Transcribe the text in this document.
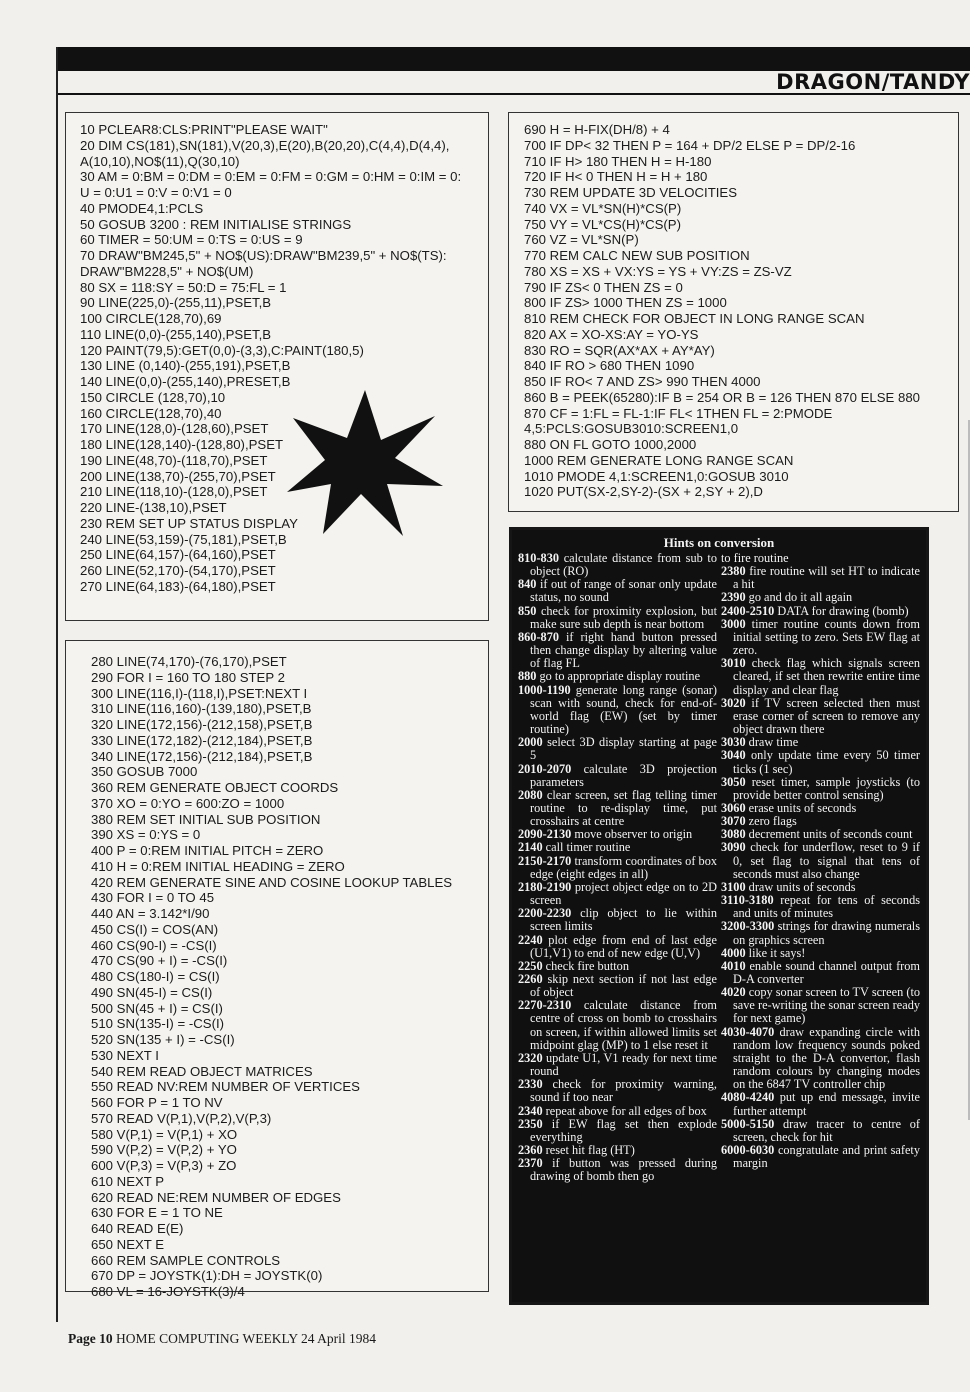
DRAGON/TANDY
10 PCLEAR8:CLS:PRINT"PLEASE WAIT"
20 DIM CS(181),SN(181),V(20,3),E(20),B(20,20),C(4,4),D(4,4),
A(10,10),NO$(11),Q(30,10)
30 AM = 0:BM = 0:DM = 0:EM = 0:FM = 0:GM = 0:HM = 0:IM = 0:
U = 0:U1 = 0:V = 0:V1 = 0
40 PMODE4,1:PCLS
50 GOSUB 3200 : REM INITIALISE STRINGS
60 TIMER = 50:UM = 0:TS = 0:US = 9
70 DRAW"BM245,5" + NO$(US):DRAW"BM239,5" + NO$(TS):
DRAW"BM228,5" + NO$(UM)
80 SX = 118:SY = 50:D = 75:FL = 1
90 LINE(225,0)-(255,11),PSET,B
100 CIRCLE(128,70),69
110 LINE(0,0)-(255,140),PSET,B
120 PAINT(79,5):GET(0,0)-(3,3),C:PAINT(180,5)
130 LINE (0,140)-(255,191),PSET,B
140 LINE(0,0)-(255,140),PRESET,B
150 CIRCLE (128,70),10
160 CIRCLE(128,70),40
170 LINE(128,0)-(128,60),PSET
180 LINE(128,140)-(128,80),PSET
190 LINE(48,70)-(118,70),PSET
200 LINE(138,70)-(255,70),PSET
210 LINE(118,10)-(128,0),PSET
220 LINE-(138,10),PSET
230 REM SET UP STATUS DISPLAY
240 LINE(53,159)-(75,181),PSET,B
250 LINE(64,157)-(64,160),PSET
260 LINE(52,170)-(54,170),PSET
270 LINE(64,183)-(64,180),PSET
280 LINE(74,170)-(76,170),PSET
290 FOR I = 160 TO 180 STEP 2
300 LINE(116,I)-(118,I),PSET:NEXT I
310 LINE(116,160)-(139,180),PSET,B
320 LINE(172,156)-(212,158),PSET,B
330 LINE(172,182)-(212,184),PSET,B
340 LINE(172,156)-(212,184),PSET,B
350 GOSUB 7000
360 REM GENERATE OBJECT COORDS
370 XO = 0:YO = 600:ZO = 1000
380 REM SET INITIAL SUB POSITION
390 XS = 0:YS = 0
400 P = 0:REM INITIAL PITCH = ZERO
410 H = 0:REM INITIAL HEADING = ZERO
420 REM GENERATE SINE AND COSINE LOOKUP TABLES
430 FOR I = 0 TO 45
440 AN = 3.142*I/90
450 CS(I) = COS(AN)
460 CS(90-I) = -CS(I)
470 CS(90 + I) = -CS(I)
480 CS(180-I) = CS(I)
490 SN(45-I) = CS(I)
500 SN(45 + I) = CS(I)
510 SN(135-I) = -CS(I)
520 SN(135 + I) = -CS(I)
530 NEXT I
540 REM READ OBJECT MATRICES
550 READ NV:REM NUMBER OF VERTICES
560 FOR P = 1 TO NV
570 READ V(P,1),V(P,2),V(P,3)
580 V(P,1) = V(P,1) + XO
590 V(P,2) = V(P,2) + YO
600 V(P,3) = V(P,3) + ZO
610 NEXT P
620 READ NE:REM NUMBER OF EDGES
630 FOR E = 1 TO NE
640 READ E(E)
650 NEXT E
660 REM SAMPLE CONTROLS
670 DP = JOYSTK(1):DH = JOYSTK(0)
680 VL = 16-JOYSTK(3)/4
690 H = H-FIX(DH/8) + 4
700 IF DP< 32 THEN P = 164 + DP/2 ELSE P = DP/2-16
710 IF H> 180 THEN H = H-180
720 IF H< 0 THEN H = H + 180
730 REM UPDATE 3D VELOCITIES
740 VX = VL*SN(H)*CS(P)
750 VY = VL*CS(H)*CS(P)
760 VZ = VL*SN(P)
770 REM CALC NEW SUB POSITION
780 XS = XS + VX:YS = YS + VY:ZS = ZS-VZ
790 IF ZS< 0 THEN ZS = 0
800 IF ZS> 1000 THEN ZS = 1000
810 REM CHECK FOR OBJECT IN LONG RANGE SCAN
820 AX = XO-XS:AY = YO-YS
830 RO = SQR(AX*AX + AY*AY)
840 IF RO > 680 THEN 1090
850 IF RO< 7 AND ZS> 990 THEN 4000
860 B = PEEK(65280):IF B = 254 OR B = 126 THEN 870 ELSE 880
870 CF = 1:FL = FL-1:IF FL< 1THEN FL = 2:PMODE
4,5:PCLS:GOSUB3010:SCREEN1,0
880 ON FL GOTO 1000,2000
1000 REM GENERATE LONG RANGE SCAN
1010 PMODE 4,1:SCREEN1,0:GOSUB 3010
1020 PUT(SX-2,SY-2)-(SX + 2,SY + 2),D
Hints on conversion
810-830 calculate distance from sub to object (RO)
840 if out of range of sonar only update status, no sound
850 check for proximity explosion, but make sure sub depth is near bottom
860-870 if right hand button pressed then change display by altering value of flag FL
880 go to appropriate display routine
1000-1190 generate long range (sonar) scan with sound, check for end-of-world flag (EW) (set by timer routine)
2000 select 3D display starting at page 5
2010-2070 calculate 3D projection parameters
2080 clear screen, set flag telling timer routine to re-display time, put crosshairs at centre
2090-2130 move observer to origin
2140 call timer routine
2150-2170 transform coordinates of box edge (eight edges in all)
2180-2190 project object edge on to 2D screen
2200-2230 clip object to lie within screen limits
2240 plot edge from end of last edge (U1,V1) to end of new edge (U,V)
2250 check fire button
2260 skip next section if not last edge of object
2270-2310 calculate distance from centre of cross on bomb to crosshairs on screen, if within allowed limits set midpoint glag (MP) to 1 else reset it
2320 update U1, V1 ready for next time round
2330 check for proximity warning, sound if too near
2340 repeat above for all edges of box
2350 if EW flag set then explode everything
2360 reset hit flag (HT)
2370 if button was pressed during drawing of bomb then go
to fire routine
2380 fire routine will set HT to indicate a hit
2390 go and do it all again
2400-2510 DATA for drawing (bomb)
3000 timer routine counts down from initial setting to zero. Sets EW flag at zero.
3010 check flag which signals screen cleared, if set then rewrite entire time display and clear flag
3020 if TV screen selected then must erase corner of screen to remove any object drawn there
3030 draw time
3040 only update time every 50 timer ticks (1 sec)
3050 reset timer, sample joysticks (to provide better control sensing)
3060 erase units of seconds
3070 zero flags
3080 decrement units of seconds count
3090 check for underflow, reset to 9 if 0, set flag to signal that tens of seconds must also change
3100 draw units of seconds
3110-3180 repeat for tens of seconds and units of minutes
3200-3300 strings for drawing numerals on graphics screen
4000 like it says!
4010 enable sound channel output from D-A converter
4020 copy sonar screen to TV screen (to save re-writing the sonar screen ready for next game)
4030-4070 draw expanding circle with random low frequency sounds poked straight to the D-A convertor, flash random colours by changing modes on the 6847 TV controller chip
4080-4240 put up end message, invite further attempt
5000-5150 draw tracer to centre of screen, check for hit
6000-6030 congratulate and print safety margin
Page 10 HOME COMPUTING WEEKLY 24 April 1984
